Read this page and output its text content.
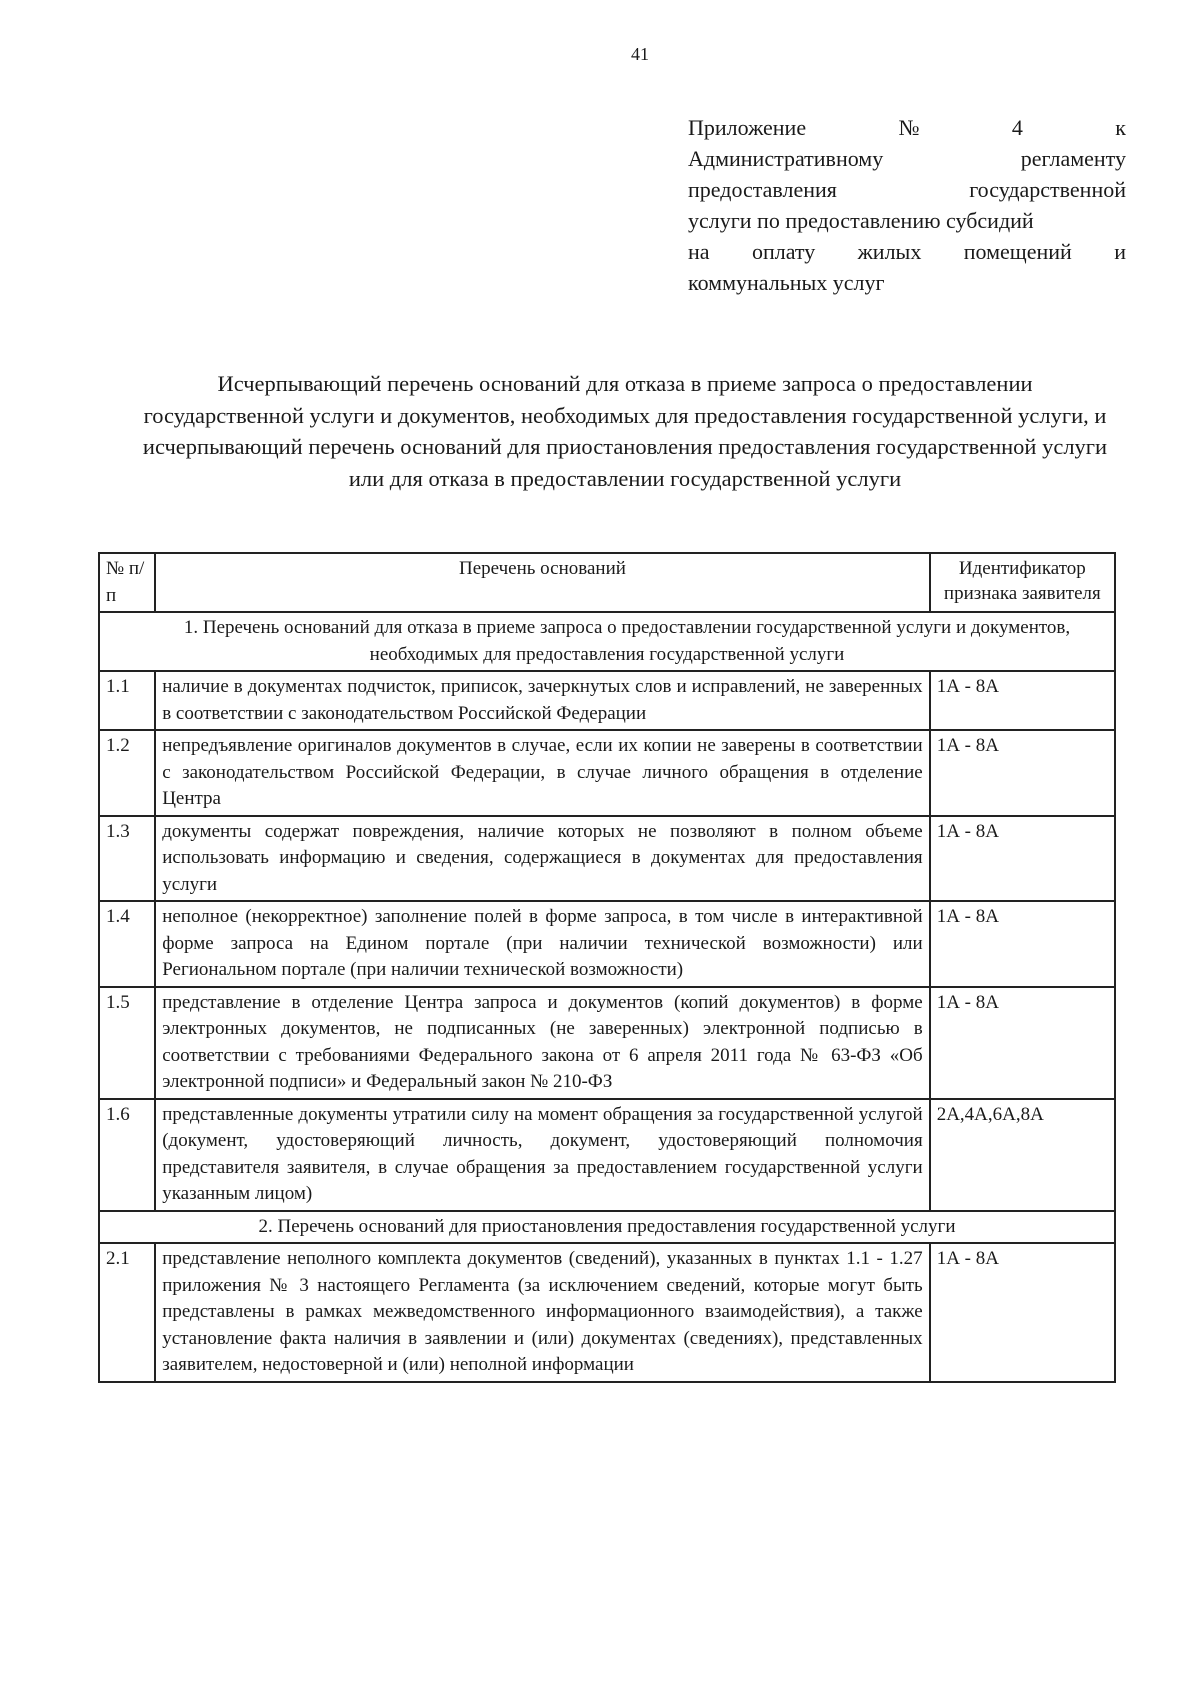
41
Приложение	№	4	к
Административному	регламенту
предоставления	государственной
услуги по предоставлению субсидий
на оплату жилых помещений и
коммунальных услуг
Исчерпывающий перечень оснований для отказа в приеме запроса о предоставлении государственной услуги и документов, необходимых для предоставления государственной услуги, и исчерпывающий перечень оснований для приостановления предоставления государственной услуги или для отказа в предоставлении государственной услуги
№ п/п	Перечень оснований	Идентификатор признака заявителя
1. Перечень оснований для отказа в приеме запроса о предоставлении государственной услуги и документов, необходимых для предоставления государственной услуги		
1.1	наличие в документах подчисток, приписок, зачеркнутых слов и исправлений, не заверенных в соответствии с законодательством Российской Федерации	1А - 8А
1.2	непредъявление оригиналов документов в случае, если их копии не заверены в соответствии с законодательством Российской Федерации, в случае личного обращения в отделение Центра	1А - 8А
1.3	документы содержат повреждения, наличие которых не позволяют в полном объеме использовать информацию и сведения, содержащиеся в документах для предоставления услуги	1А - 8А
1.4	неполное (некорректное) заполнение полей в форме запроса, в том числе в интерактивной форме запроса на Едином портале (при наличии технической возможности) или Региональном портале (при наличии технической возможности)	1А - 8А
1.5	представление в отделение Центра запроса и документов (копий документов) в форме электронных документов, не подписанных (не заверенных) электронной подписью в соответствии с требованиями Федерального закона от 6 апреля 2011 года № 63-ФЗ «Об электронной подписи» и Федеральный закон № 210-ФЗ	1А - 8А
1.6	представленные документы утратили силу на момент обращения за государственной услугой (документ, удостоверяющий личность, документ, удостоверяющий полномочия представителя заявителя, в случае обращения за предоставлением государственной услуги указанным лицом)	2А,4А,6А,8А
2. Перечень оснований для приостановления предоставления государственной услуги		
2.1	представление неполного комплекта документов (сведений), указанных в пунктах 1.1 - 1.27 приложения № 3 настоящего Регламента (за исключением сведений, которые могут быть представлены в рамках межведомственного информационного взаимодействия), а также установление факта наличия в заявлении и (или) документах (сведениях), представленных заявителем, недостоверной и (или) неполной информации	1А - 8А
